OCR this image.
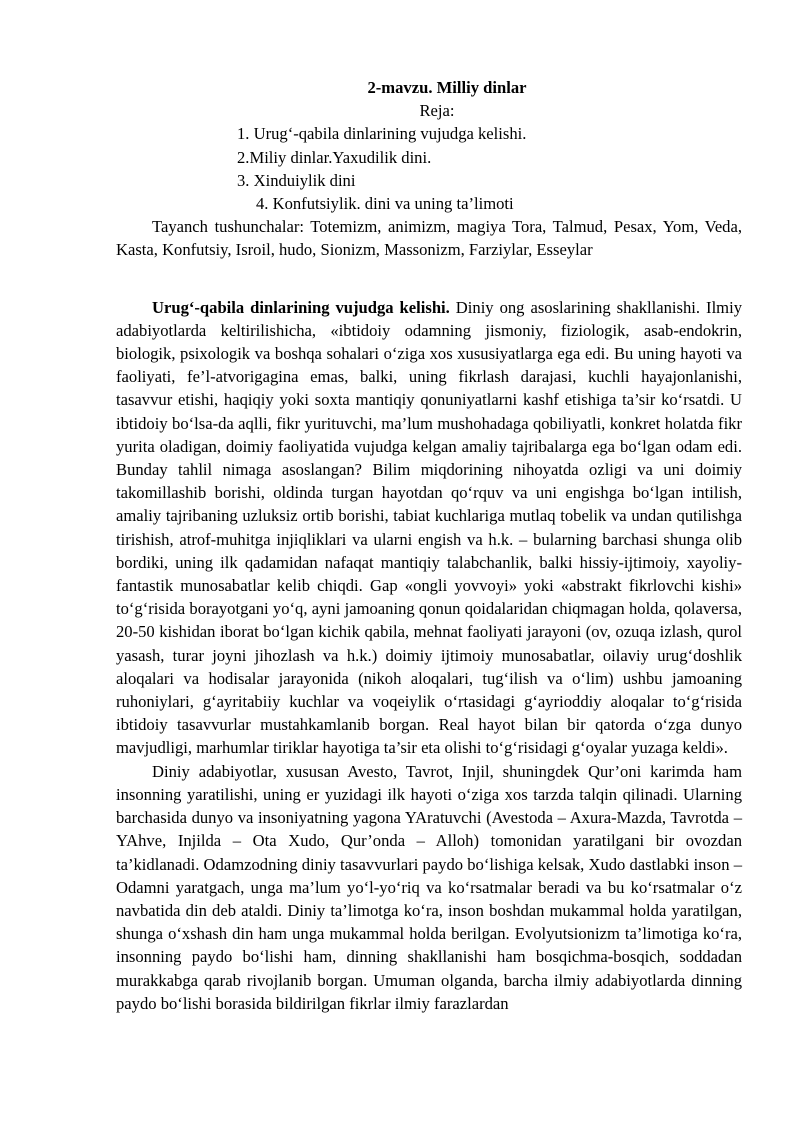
2-mavzu. Milliy dinlar

Reja:

1. Urug‘-qabila dinlarining vujudga kelishi.
2.Miliy dinlar.Yaxudilik dini.
3. Xinduiylik dini
4. Konfutsiylik. dini va uning ta’limoti

Tayanch tushunchalar: Totemizm, animizm, magiya Tora, Talmud, Pesax, Yom, Veda, Kasta, Konfutsiy, Isroil, hudo, Sionizm, Massonizm, Farziylar, Esseylar

Urug‘-qabila dinlarining vujudga kelishi. Diniy ong asoslarining shakllanishi. Ilmiy adabiyotlarda keltirilishicha, «ibtidoiy odamning jismoniy, fiziologik, asab-endokrin, biologik, psixologik va boshqa sohalari o‘ziga xos xususiyatlarga ega edi. Bu uning hayoti va faoliyati, fe’l-atvorigagina emas, balki, uning fikrlash darajasi, kuchli hayajonlanishi, tasavvur etishi, haqiqiy yoki soxta mantiqiy qonuniyatlarni kashf etishiga ta’sir ko‘rsatdi. U ibtidoiy bo‘lsa-da aqlli, fikr yurituvchi, ma’lum mushohadaga qobiliyatli, konkret holatda fikr yurita oladigan, doimiy faoliyatida vujudga kelgan amaliy tajribalarga ega bo‘lgan odam edi. Bunday tahlil nimaga asoslangan? Bilim miqdorining nihoyatda ozligi va uni doimiy takomillashib borishi, oldinda turgan hayotdan qo‘rquv va uni engishga bo‘lgan intilish, amaliy tajribaning uzluksiz ortib borishi, tabiat kuchlariga mutlaq tobelik va undan qutilishga tirishish, atrof-muhitga injiqliklari va ularni engish va h.k. – bularning barchasi shunga olib bordiki, uning ilk qadamidan nafaqat mantiqiy talabchanlik, balki hissiy-ijtimoiy, xayoliy-fantastik munosabatlar kelib chiqdi. Gap «ongli yovvoyi» yoki «abstrakt fikrlovchi kishi» to‘g‘risida borayotgani yo‘q, ayni jamoaning qonun qoidalaridan chiqmagan holda, qolaversa, 20-50 kishidan iborat bo‘lgan kichik qabila, mehnat faoliyati jarayoni (ov, ozuqa izlash, qurol yasash, turar joyni jihozlash va h.k.) doimiy ijtimoiy munosabatlar, oilaviy urug‘doshlik aloqalari va hodisalar jarayonida (nikoh aloqalari, tug‘ilish va o‘lim) ushbu jamoaning ruhoniylari, g‘ayritabiiy kuchlar va voqeiylik o‘rtasidagi g‘ayrioddiy aloqalar to‘g‘risida ibtidoiy tasavvurlar mustahkamlanib borgan. Real hayot bilan bir qatorda o‘zga dunyo mavjudligi, marhumlar tiriklar hayotiga ta’sir eta olishi to‘g‘risidagi g‘oyalar yuzaga keldi».

Diniy adabiyotlar, xususan Avesto, Tavrot, Injil, shuningdek Qur’oni karimda ham insonning yaratilishi, uning er yuzidagi ilk hayoti o‘ziga xos tarzda talqin qilinadi. Ularning barchasida dunyo va insoniyatning yagona YAratuvchi (Avestoda – Axura-Mazda, Tavrotda – YAhve, Injilda – Ota Xudo, Qur’onda – Alloh) tomonidan yaratilgani bir ovozdan ta’kidlanadi. Odamzodning diniy tasavvurlari paydo bo‘lishiga kelsak, Xudo dastlabki inson – Odamni yaratgach, unga ma’lum yo‘l-yo‘riq va ko‘rsatmalar beradi va bu ko‘rsatmalar o‘z navbatida din deb ataldi. Diniy ta’limotga ko‘ra, inson boshdan mukammal holda yaratilgan, shunga o‘xshash din ham unga mukammal holda berilgan. Evolyutsionizm ta’limotiga ko‘ra, insonning paydo bo‘lishi ham, dinning shakllanishi ham bosqichma-bosqich, soddadan murakkabga qarab rivojlanib borgan. Umuman olganda, barcha ilmiy adabiyotlarda dinning paydo bo‘lishi borasida bildirilgan fikrlar ilmiy farazlardan
